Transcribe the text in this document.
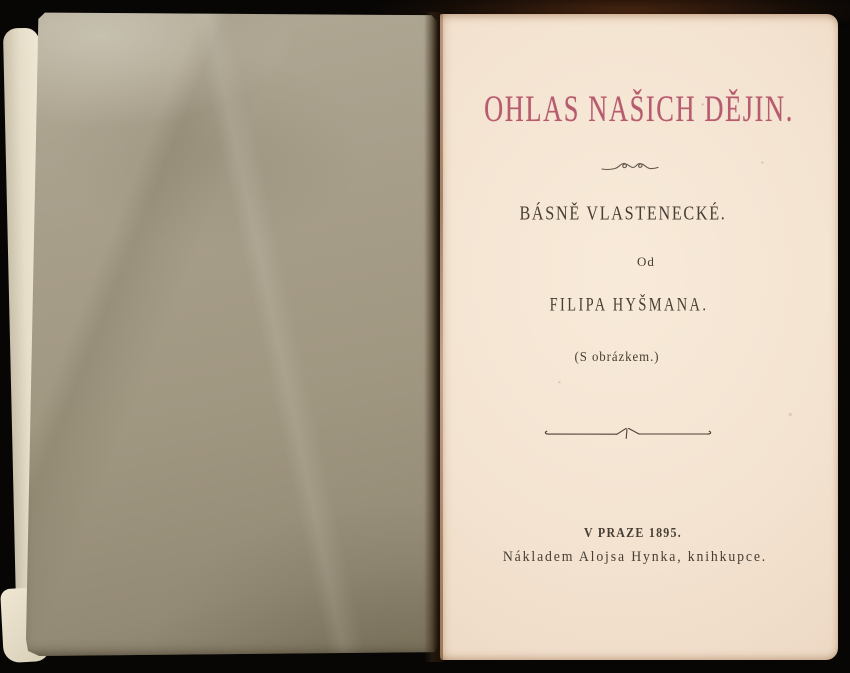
OHLAS NAŠICH DĚJIN.
BÁSNĚ VLASTENECKÉ.
Od
FILIPA HYŠMANA.
(S obrázkem.)
V PRAZE 1895.
Nákladem Alojsa Hynka, knihkupce.
